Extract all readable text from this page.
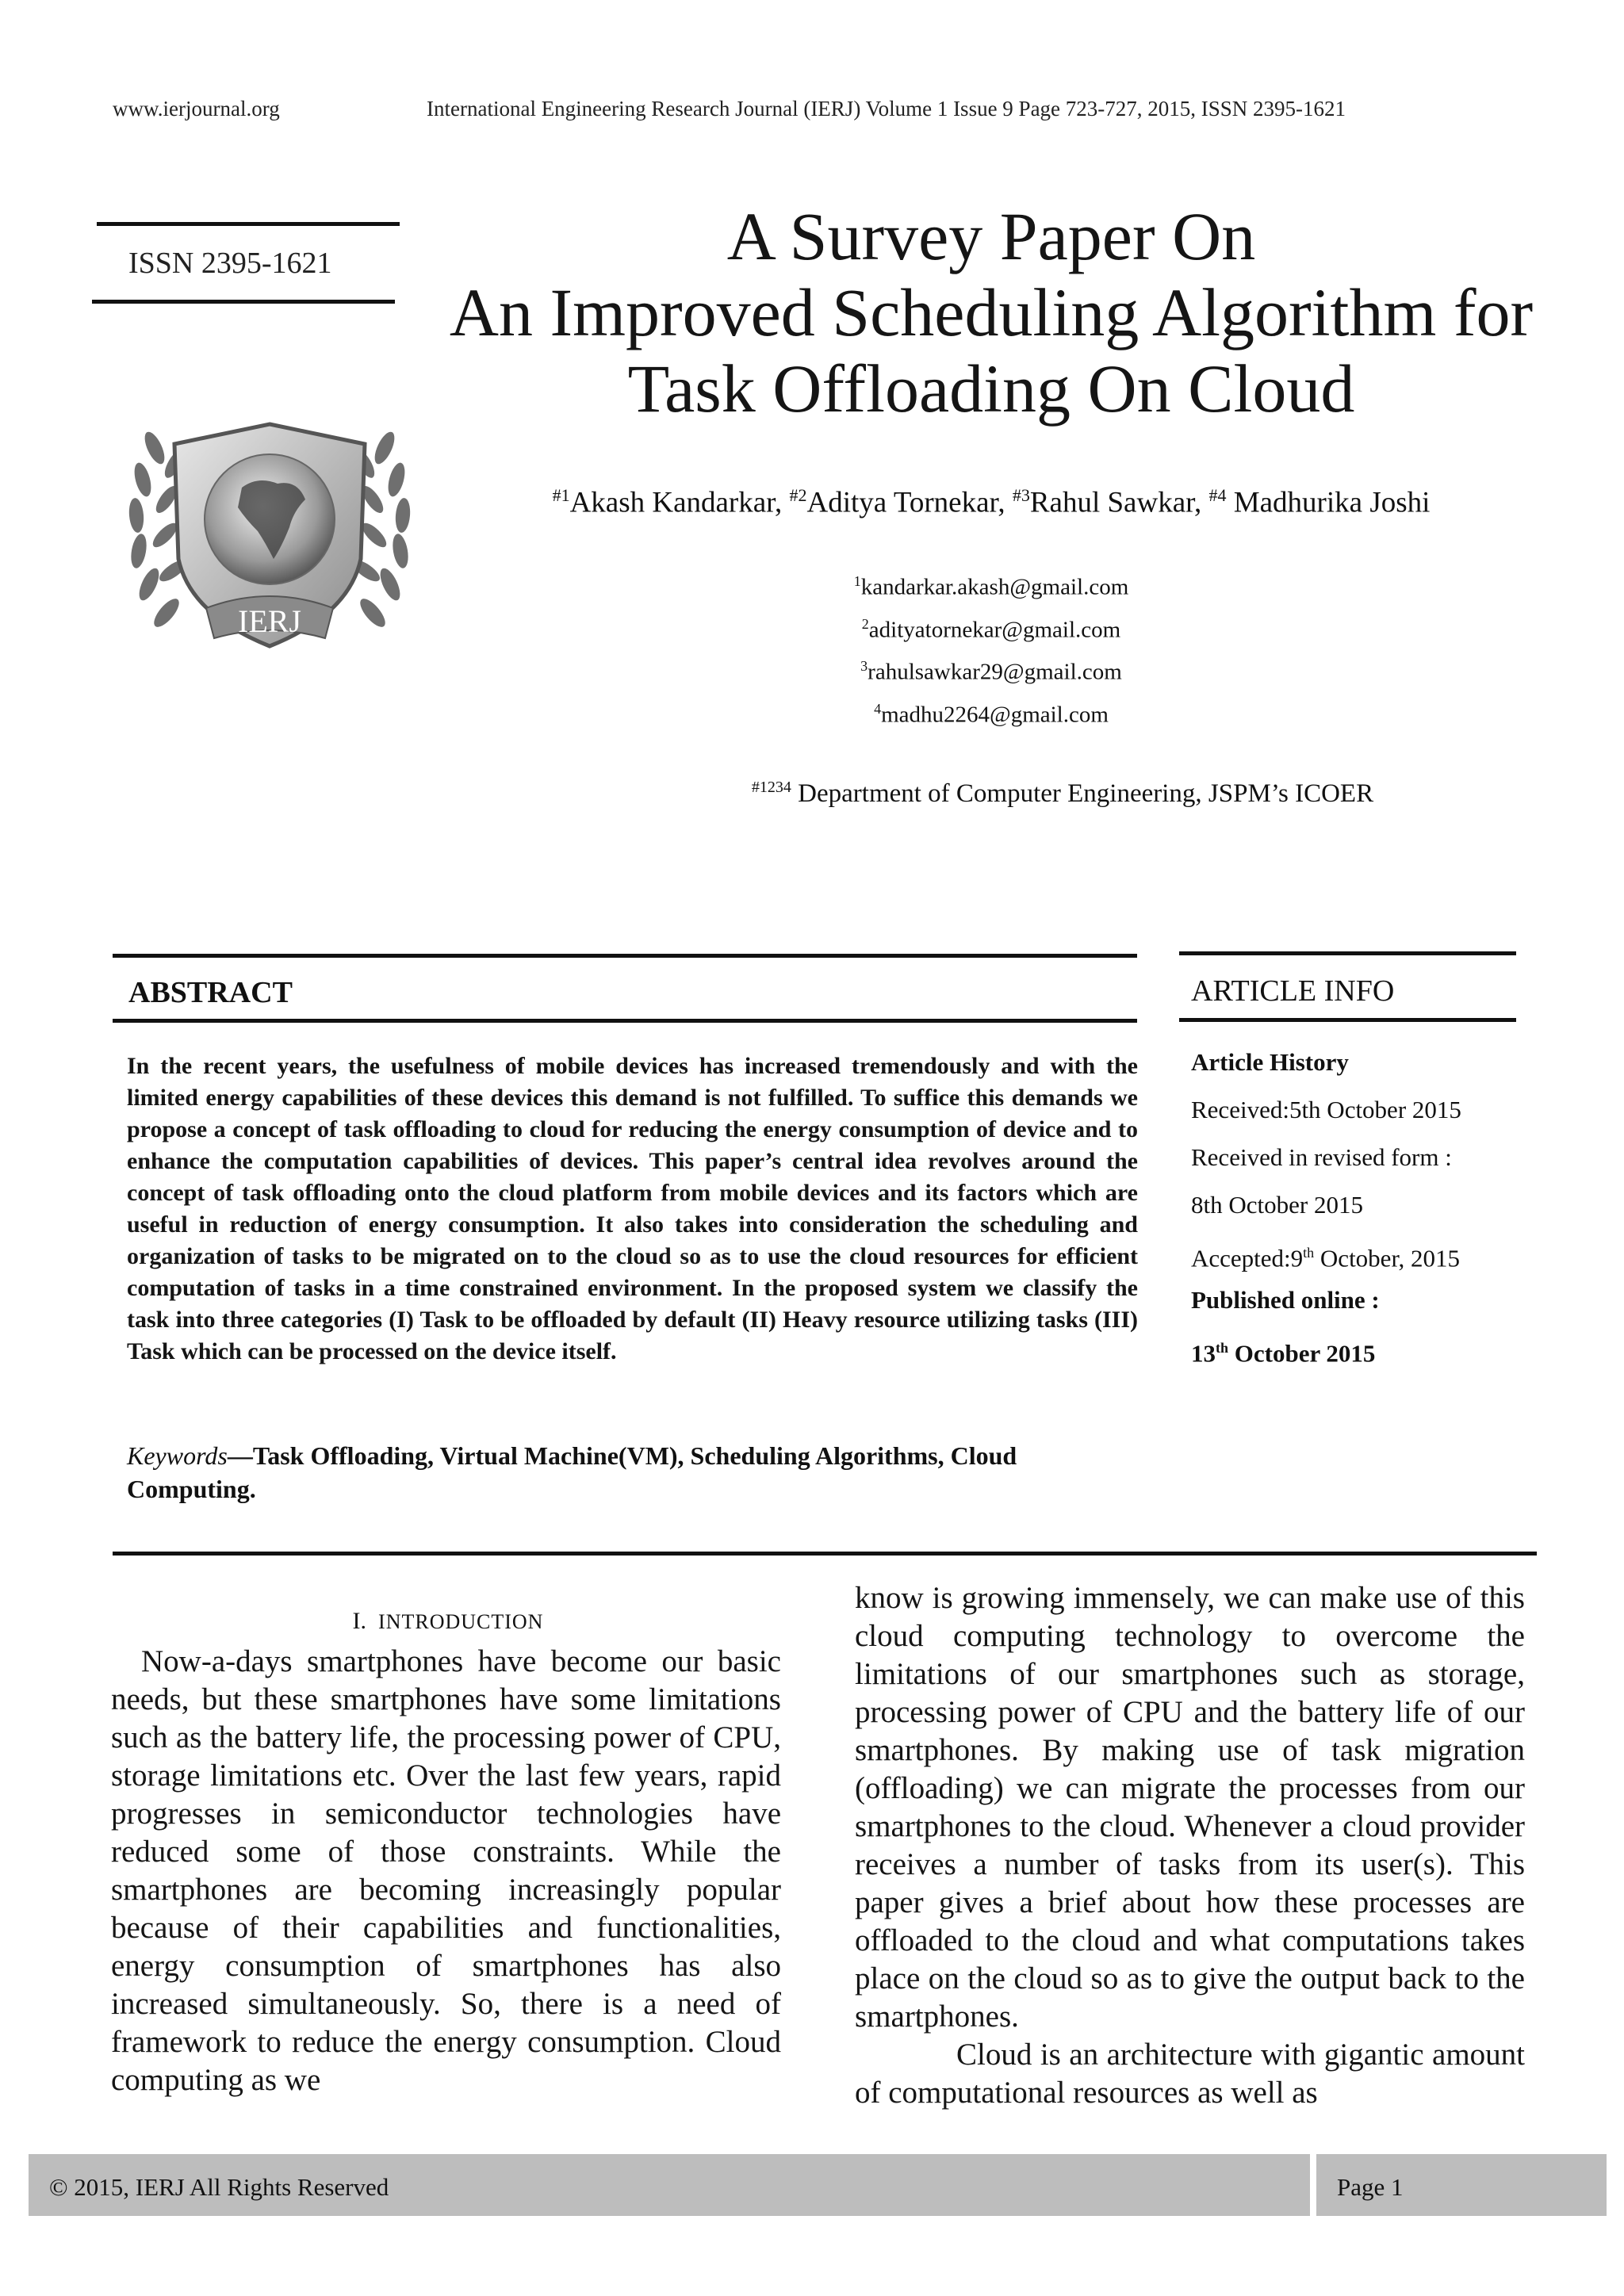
www.ierjournal.org	International Engineering Research Journal (IERJ) Volume 1 Issue 9 Page 723-727, 2015, ISSN 2395-1621
ISSN 2395-1621
IERJ
A Survey Paper On
An Improved Scheduling Algorithm for
Task Offloading On Cloud
$^{\#1}$Akash Kandarkar, $^{\#2}$Aditya Tornekar, $^{\#3}$Rahul Sawkar, $^{\#4}$ Madhurika Joshi
$^1$kandarkar.akash@gmail.com
$^2$adityatornekar@gmail.com
$^3$rahulsawkar29@gmail.com
$^4$madhu2264@gmail.com
$^{\#1234}$ Department of Computer Engineering, JSPM’s ICOER
ABSTRACT
In the recent years, the usefulness of mobile devices has increased tremendously and with the limited energy capabilities of these devices this demand is not fulfilled. To suffice this demands we propose a concept of task offloading to cloud for reducing the energy consumption of device and to enhance the computation capabilities of devices. This paper’s central idea revolves around the concept of task offloading onto the cloud platform from mobile devices and its factors which are useful in reduction of energy consumption. It also takes into consideration the scheduling and organization of tasks to be migrated on to the cloud so as to use the cloud resources for efficient computation of tasks in a time constrained environment. In the proposed system we classify the task into three categories (I) Task to be offloaded by default (II) Heavy resource utilizing tasks (III) Task which can be processed on the device itself.
Keywords—Task Offloading, Virtual Machine(VM), Scheduling Algorithms, Cloud Computing.
ARTICLE INFO
Article History
Received:5th October 2015
Received in revised form :
8th October 2015
Accepted:9th October, 2015
Published online :
13th October 2015
I. INTRODUCTION

Now-a-days smartphones have become our basic needs, but these smartphones have some limitations such as the battery life, the processing power of CPU, storage limitations etc. Over the last few years, rapid progresses in semiconductor technologies have reduced some of those constraints. While the smartphones are becoming increasingly popular because of their capabilities and functionalities, energy consumption of smartphones has also increased simultaneously. So, there is a need of framework to reduce the energy consumption. Cloud computing as we

know is growing immensely, we can make use of this cloud computing technology to overcome the limitations of our smartphones such as storage, processing power of CPU and the battery life of our smartphones. By making use of task migration (offloading) we can migrate the processes from our smartphones to the cloud. Whenever a cloud provider receives a number of tasks from its user(s). This paper gives a brief about how these processes are offloaded to the cloud and what computations takes place on the cloud so as to give the output back to the smartphones.

Cloud is an architecture with gigantic amount of computational resources as well as

© 2015, IERJ All Rights Reserved	Page 1
